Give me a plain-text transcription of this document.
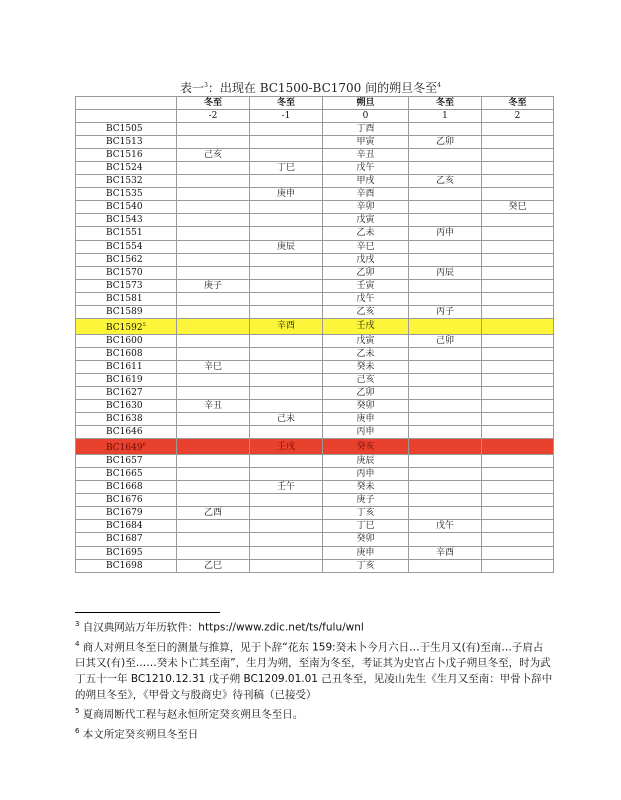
表一$^3$：出现在 BC1500-BC1700 间的朔旦冬至$^4$
	冬至	冬至	朔旦	冬至	冬至
	-2	-1	0	1	2
BC1505			丁酉		
BC1513			甲寅	乙卯	
BC1516	己亥		辛丑		
BC1524		丁巳	戊午		
BC1532			甲戌	乙亥	
BC1535		庚申	辛酉		
BC1540			辛卯		癸巳
BC1543			戊寅		
BC1551			乙未	丙申	
BC1554		庚辰	辛巳		
BC1562			戊戌		
BC1570			乙卯	丙辰	
BC1573	庚子		壬寅		
BC1581			戊午		
BC1589			乙亥	丙子	
BC1592$^5$		辛酉	壬戌		
BC1600			戊寅	己卯	
BC1608			乙未		
BC1611	辛巳		癸未		
BC1619			己亥		
BC1627			乙卯		
BC1630	辛丑		癸卯		
BC1638		己未	庚申		
BC1646			丙申		
BC1649$^6$		壬戌	癸亥		
BC1657			庚辰		
BC1665			丙申		
BC1668		壬午	癸未		
BC1676			庚子		
BC1679	乙酉		丁亥		
BC1684			丁巳	戊午	
BC1687			癸卯		
BC1695			庚申	辛酉	
BC1698	乙巳		丁亥		

$^3$ 自汉典网站万年历软件：https://www.zdic.net/ts/fulu/wnl

$^4$ 商人对朔旦冬至日的测量与推算，见于卜辞“花东 159:癸未卜今月六日…于生月又(有)至南…子肩占曰其又(有)至……癸未卜亡其至南”，生月为朔，至南为冬至，考证其为史官占卜戊子朔旦冬至，时为武丁五十一年 BC1210.12.31 戊子朔 BC1209.01.01 己丑冬至，见凌山先生《生月又至南：甲骨卜辞中的朔旦冬至》，《甲骨文与殷商史》待刊稿（已接受）

$^5$ 夏商周断代工程与赵永恒所定癸亥朔旦冬至日。

$^6$ 本文所定癸亥朔旦冬至日
